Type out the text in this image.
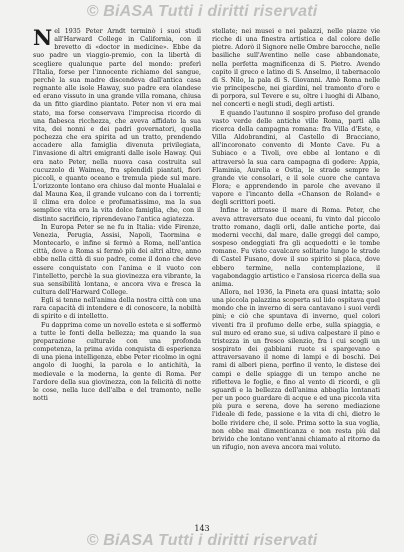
© BiASA Tutti i diritti riservati

Nel 1935 Peter Arndt terminò i suoi studi all'Harward College in California, con il brevetto di «doctor in medicine». Ebbe da suo padre un viaggio-premio, con la libertà di scegliere qualunque parte del mondo: preferì l'Italia, forse per l'innocente richiamo del sangue, perchè la sua madre discendeva dall'antica casa regnante alle isole Haway, suo padre era olandese ed erano vissuto in una grande villa romana, chiusa da un fitto giardino piantato. Peter non vi era mai stato, ma forse conservava l'imprecisa ricordo di una fiabesca ricchezza, che aveva affidato la sua vita, dei nonni e dei padri governatori, quella pochezza che era spirita ad un tratto, prendendo accadere alla famiglia divenuta privilegiata, l'invasione di altri emigranti dalle isole Haway. Qui era nato Peter, nella nuova casa costruita sul cucuzzolo di Waimea, fra splendidi piantati, fiori piccoli, e quanto oceano e tremula piede sul mare. L'orizzonte lontano era chiuso dal monte Hualalai e dal Mauna Kea, il grande vulcano con da i torrenti; il clima era dolce e profumatissimo, ma la sua semplice vita era la vita dolce famiglia, che, con il distinto sacrificio, riprendevano l'antica agiatezza.

In Europa Peter se ne fu in Italia: vide Firenze, Venezia, Perugia, Assisi, Napoli, Taormina e Montecarlo, e infine si fermò a Roma, nell'antica città, dove a Roma si fermò più dei altri altre, anno ebbe nella città di suo padre, come il dono che deve essere conquistato con l'anima e il vuoto con l'intelletto, perchè la sua giovinezza era vibrante, la sua sensibilità lontana, e ancora viva e fresca la cultura dell'Harward College.

Egli si tenne nell'anima della nostra città con una rara capacità di intendere e di conoscere, la nobiltà di spirito e di intelletto.

Fu dapprima come un novello esteta e si soffermò a tutte le fonti della bellezza; ma quando la sua preparazione culturale con una profonda competenza, la prima avida conquista di esperienza di una piena intelligenza, ebbe Peter ricolmo in ogni angolo di luoghi, la parola e lo antichità, la medievale e la moderna, la gente di Roma. Per l'ardore della sua giovinezza, con la felicità di notte le cose, nella luce dell'alba e del tramonto, nelle notti

stellate; nei musei e nei palazzi, nelle piazze vie ricche di una finestra artistica e dal colore delle pietre. Adorò il Signore nelle Ombre barocche, nelle basiliche sull'Aventino nelle case abbandonate, nella perfetta magnificenza di S. Pietro. Avendo capito il greco e latino di S. Anselmo, il tabernacolo di S. Nilo, la pala di S. Giovanni. Amò Roma nelle vie principesche, nei giardini, nel tramonto d'oro e di porpora, sul Tevere e su, oltre i luoghi di Albano, nel concerti e negli studi, degli artisti.

E quando l'autunno il sospiro profuso del grande vasto verde delle antiche ville Roma, partì alla ricerca della campagna romana: fra Villa d'Este, e Villa Aldobrandini, al Castello di Bracciano, all'incoronato convento di Monte Cave. Fu a Subiaco e a Tivoli, ove ebbe al lontano e di attraversò la sua cara campagna di godere: Appia, Flaminia, Aurelia e Ostia, le strade sempre le grande vie consolari, e il sole cuore che cantava Flora; e apprendendo in parole che avevano il vapore e l'incanto della «Chanson de Roland» e degli scrittori poeti.

Infine le attrasse il mare di Roma. Peter, che aveva attraversato due oceani, fu vinto dal piccolo tratto romano, dagli orli, dalle antiche porte, dai moderni vecchi, dal mare, dalle greggi del campo, sospeso ondeggiati fra gli acquedotti e le tombe romane. Fu visto cavalcare solitario lungo le strade di Castel Fusano, dove il suo spirito si placa, dove ebbero termine, nella contemplazione, il vagabondaggio artistico e l'ansiosa ricerca della sua anima.

Allora, nel 1936, la Pineta era quasi intatta; solo una piccola palazzina scoperta sul lido ospitava quel mondo che in inverno di sera cantavano i suoi verdi pini; e ciò che spuntava di inverno, quel colori viventi fra il profumo delle erbe, sulla spiaggia, e sul muro ed erano sue, si udiva calpestare il pino e tristezza in un fresco silenzio, fra i cui scogli un sospirato dei gabbiani ruote si spargevano e attraversavano il nome di lampi e di boschi. Dei rami di alberi piena, perfino il vento, le distese dei campi e delle spiagge di un tempo anche ne rifletteva le foglie, e fino al vento di ricordi, e gli sguardi e la bellezza dell'anima abbaglia lontanati per un poco guardare di acque e ed una piccola vita più pura e serena, dove ha sereno mediazione l'ideale di fede, passione e la vita di chi, dietro le bolle rividere che, il sole. Prima sotto la sua voglia, non ebbe mai dimenticanza e non resta più dal brivido che lontano vent'anni chiamato al ritorno da un rifugio, non aveva ancora mai voluto.

143
© BiASA Tutti i diritti riservati
